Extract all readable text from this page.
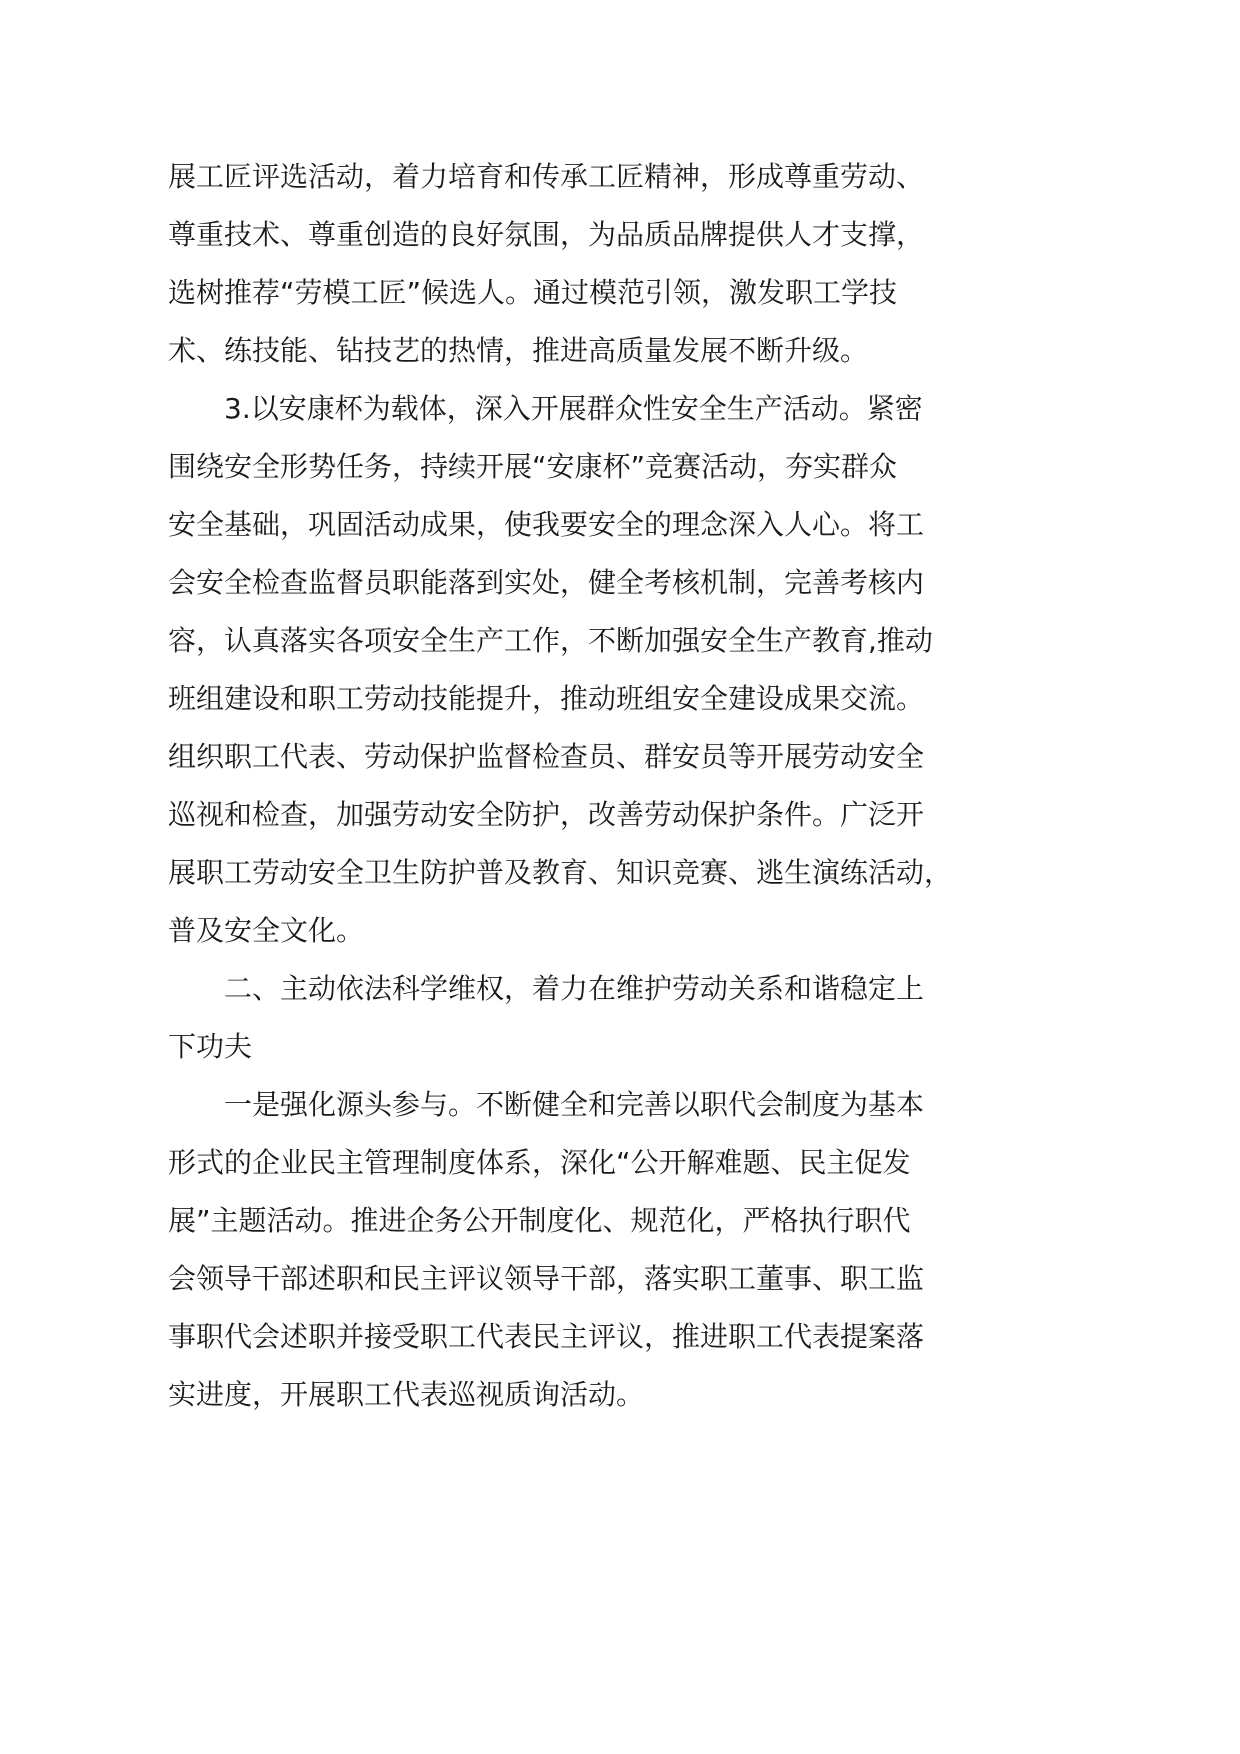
展工匠评选活动，着力培育和传承工匠精神，形成尊重劳动、
尊重技术、尊重创造的良好氛围，为品质品牌提供人才支撑，
选树推荐“劳模工匠”候选人。通过模范引领，激发职工学技
术、练技能、钻技艺的热情，推进高质量发展不断升级。
3.以安康杯为载体，深入开展群众性安全生产活动。紧密
围绕安全形势任务，持续开展“安康杯”竞赛活动，夯实群众
安全基础，巩固活动成果，使我要安全的理念深入人心。将工
会安全检查监督员职能落到实处，健全考核机制，完善考核内
容，认真落实各项安全生产工作，不断加强安全生产教育,推动
班组建设和职工劳动技能提升，推动班组安全建设成果交流。
组织职工代表、劳动保护监督检查员、群安员等开展劳动安全
巡视和检查，加强劳动安全防护，改善劳动保护条件。广泛开
展职工劳动安全卫生防护普及教育、知识竞赛、逃生演练活动，
普及安全文化。
二、主动依法科学维权，着力在维护劳动关系和谐稳定上
下功夫
一是强化源头参与。不断健全和完善以职代会制度为基本
形式的企业民主管理制度体系，深化“公开解难题、民主促发
展”主题活动。推进企务公开制度化、规范化，严格执行职代
会领导干部述职和民主评议领导干部，落实职工董事、职工监
事职代会述职并接受职工代表民主评议，推进职工代表提案落
实进度，开展职工代表巡视质询活动。
